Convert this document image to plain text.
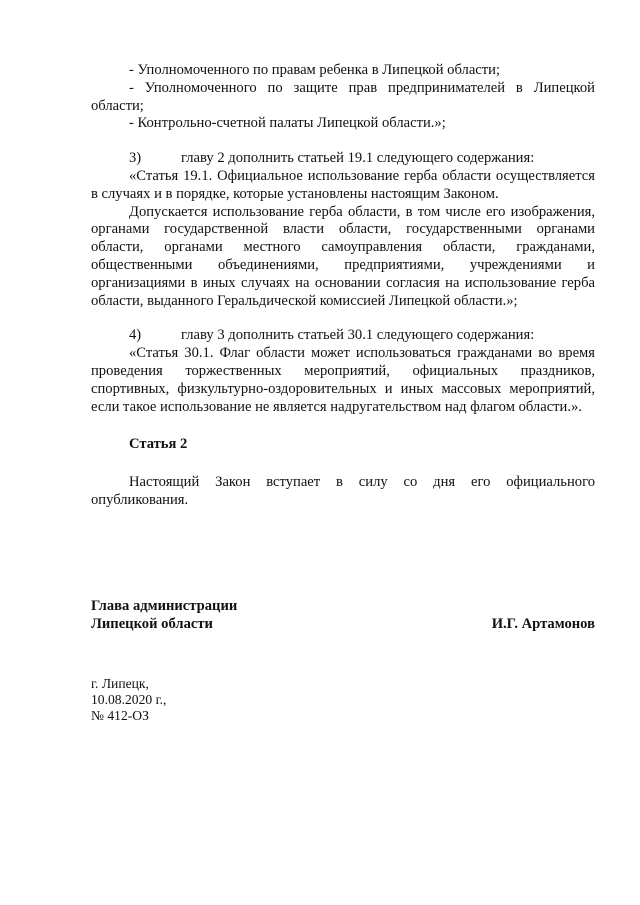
- Уполномоченного по правам ребенка в Липецкой области;

- Уполномоченного по защите прав предпринимателей в Липецкой области;

- Контрольно-счетной палаты Липецкой области.»;

3)	главу 2 дополнить статьей 19.1 следующего содержания:

«Статья 19.1. Официальное использование герба области осуществляется в случаях и в порядке, которые установлены настоящим Законом.

Допускается использование герба области, в том числе его изображения, органами государственной власти области, государственными органами области, органами местного самоуправления области, гражданами, общественными объединениями, предприятиями, учреждениями и организациями в иных случаях на основании согласия на использование герба области, выданного Геральдической комиссией Липецкой области.»;

4)	главу 3 дополнить статьей 30.1 следующего содержания:

«Статья 30.1. Флаг области может использоваться гражданами во время проведения торжественных мероприятий, официальных праздников, спортивных, физкультурно-оздоровительных и иных массовых мероприятий, если такое использование не является надругательством над флагом области.».

Статья 2

Настоящий Закон вступает в силу со дня его официального опубликования.

Глава администрации
Липецкой области	И.Г. Артамонов
г. Липецк,
10.08.2020 г.,
№ 412-ОЗ
